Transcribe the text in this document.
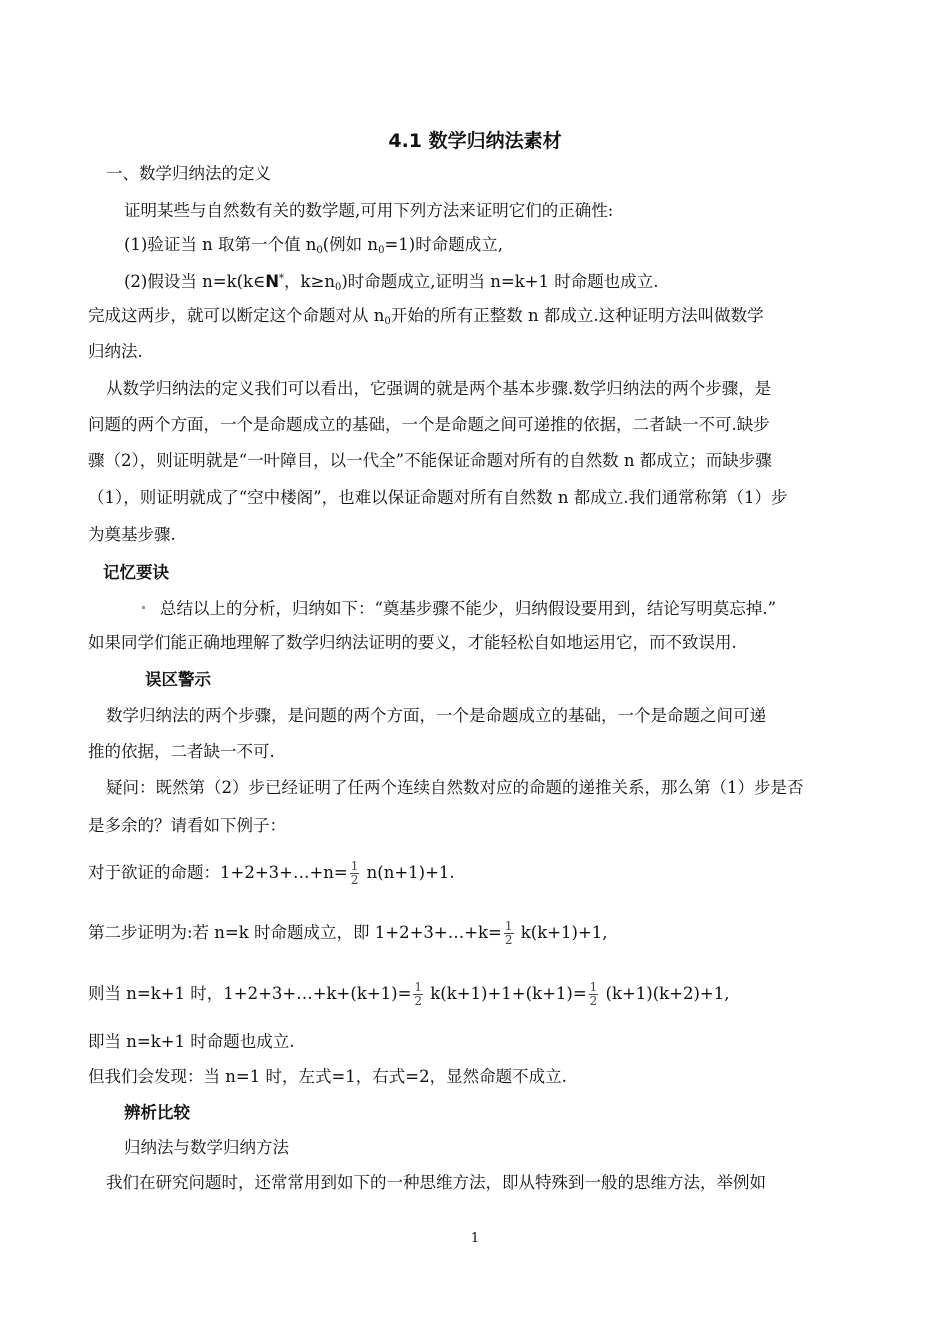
4.1 数学归纳法素材
一、数学归纳法的定义
证明某些与自然数有关的数学题,可用下列方法来证明它们的正确性:
(1)验证当 n 取第一个值 $n_0$(例如 $n_0=1$)时命题成立,
(2)假设当 n=k(k∈N*，$k\ge n_0$)时命题成立,证明当 n=k+1 时命题也成立.
完成这两步，就可以断定这个命题对从 $n_0$开始的所有正整数 n 都成立.这种证明方法叫做数学
归纳法.
从数学归纳法的定义我们可以看出，它强调的就是两个基本步骤.数学归纳法的两个步骤，是
问题的两个方面，一个是命题成立的基础，一个是命题之间可递推的依据，二者缺一不可.缺步
骤（2），则证明就是“一叶障目，以一代全”不能保证命题对所有的自然数 n 都成立；而缺步骤
（1），则证明就成了“空中楼阁”，也难以保证命题对所有自然数 n 都成立.我们通常称第（1）步
为奠基步骤.
记忆要诀
总结以上的分析，归纳如下：“奠基步骤不能少，归纳假设要用到，结论写明莫忘掉.”
如果同学们能正确地理解了数学归纳法证明的要义，才能轻松自如地运用它，而不致误用.
误区警示
数学归纳法的两个步骤，是问题的两个方面，一个是命题成立的基础，一个是命题之间可递
推的依据，二者缺一不可.
疑问：既然第（2）步已经证明了任两个连续自然数对应的命题的递推关系，那么第（1）步是否
是多余的？请看如下例子：
对于欲证的命题：1+2+3+…+n= $\frac{1}{2} n(n+1)+1$.
第二步证明为:若 n=k 时命题成立，即 1+2+3+…+k= $\frac{1}{2} k(k+1)+1$,
则当 n=k+1 时，1+2+3+…+k+(k+1)= $\frac{1}{2} k(k+1)+1+(k+1)= \frac{1}{2} (k+1)(k+2)+1$,
即当 n=k+1 时命题也成立.
但我们会发现：当 n=1 时，左式=1，右式=2，显然命题不成立.
辨析比较
归纳法与数学归纳方法
我们在研究问题时，还常常用到如下的一种思维方法，即从特殊到一般的思维方法，举例如
1
